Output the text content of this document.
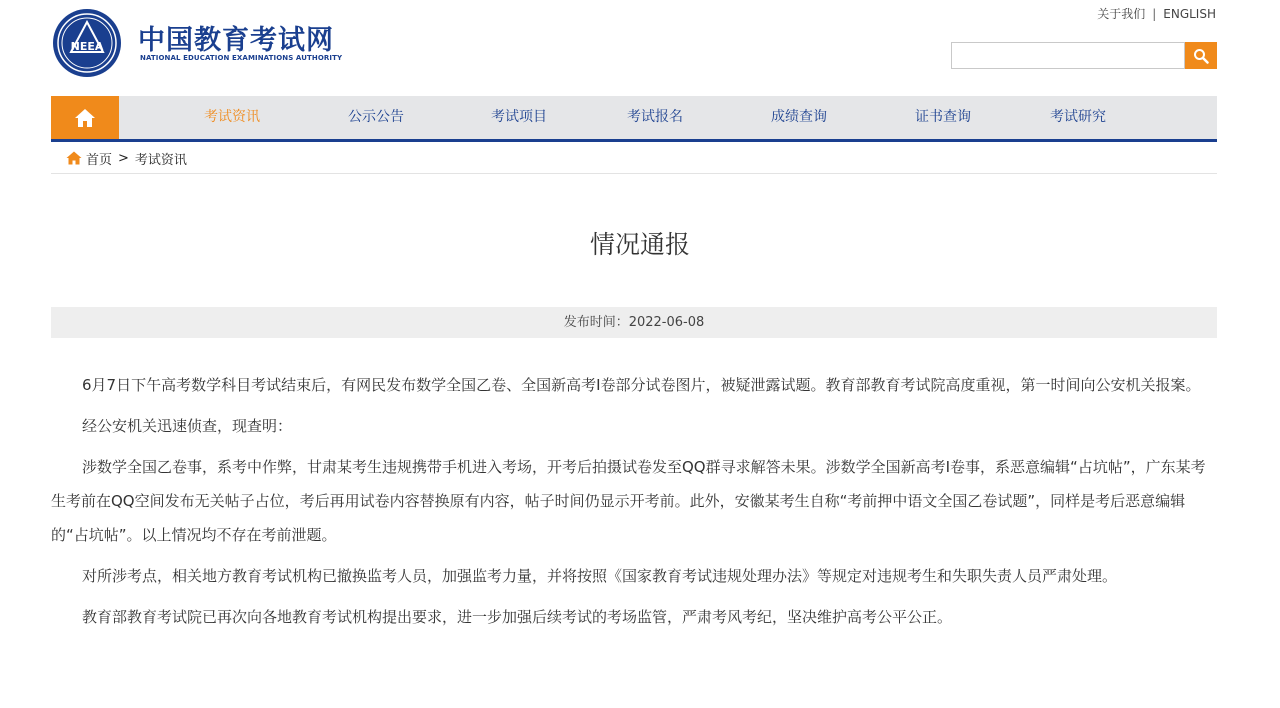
NEEA 中国教育考试网
NATIONAL EDUCATION EXAMINATIONS AUTHORITY
关于我们 | ENGLISH
考试资讯	公示公告	考试项目	考试报名	成绩查询	证书查询	考试研究
首页 > 考试资讯
情况通报
发布时间：2022-06-08

6月7日下午高考数学科目考试结束后，有网民发布数学全国乙卷、全国新高考I卷部分试卷图片，被疑泄露试题。教育部教育考试院高度重视，第一时间向公安机关报案。

经公安机关迅速侦查，现查明：

涉数学全国乙卷事，系考中作弊，甘肃某考生违规携带手机进入考场，开考后拍摄试卷发至QQ群寻求解答未果。涉数学全国新高考I卷事，系恶意编辑“占坑帖”，广东某考生考前在QQ空间发布无关帖子占位，考后再用试卷内容替换原有内容，帖子时间仍显示开考前。此外，安徽某考生自称“考前押中语文全国乙卷试题”，同样是考后恶意编辑的“占坑帖”。以上情况均不存在考前泄题。

对所涉考点，相关地方教育考试机构已撤换监考人员，加强监考力量，并将按照《国家教育考试违规处理办法》等规定对违规考生和失职失责人员严肃处理。

教育部教育考试院已再次向各地教育考试机构提出要求，进一步加强后续考试的考场监管，严肃考风考纪，坚决维护高考公平公正。
